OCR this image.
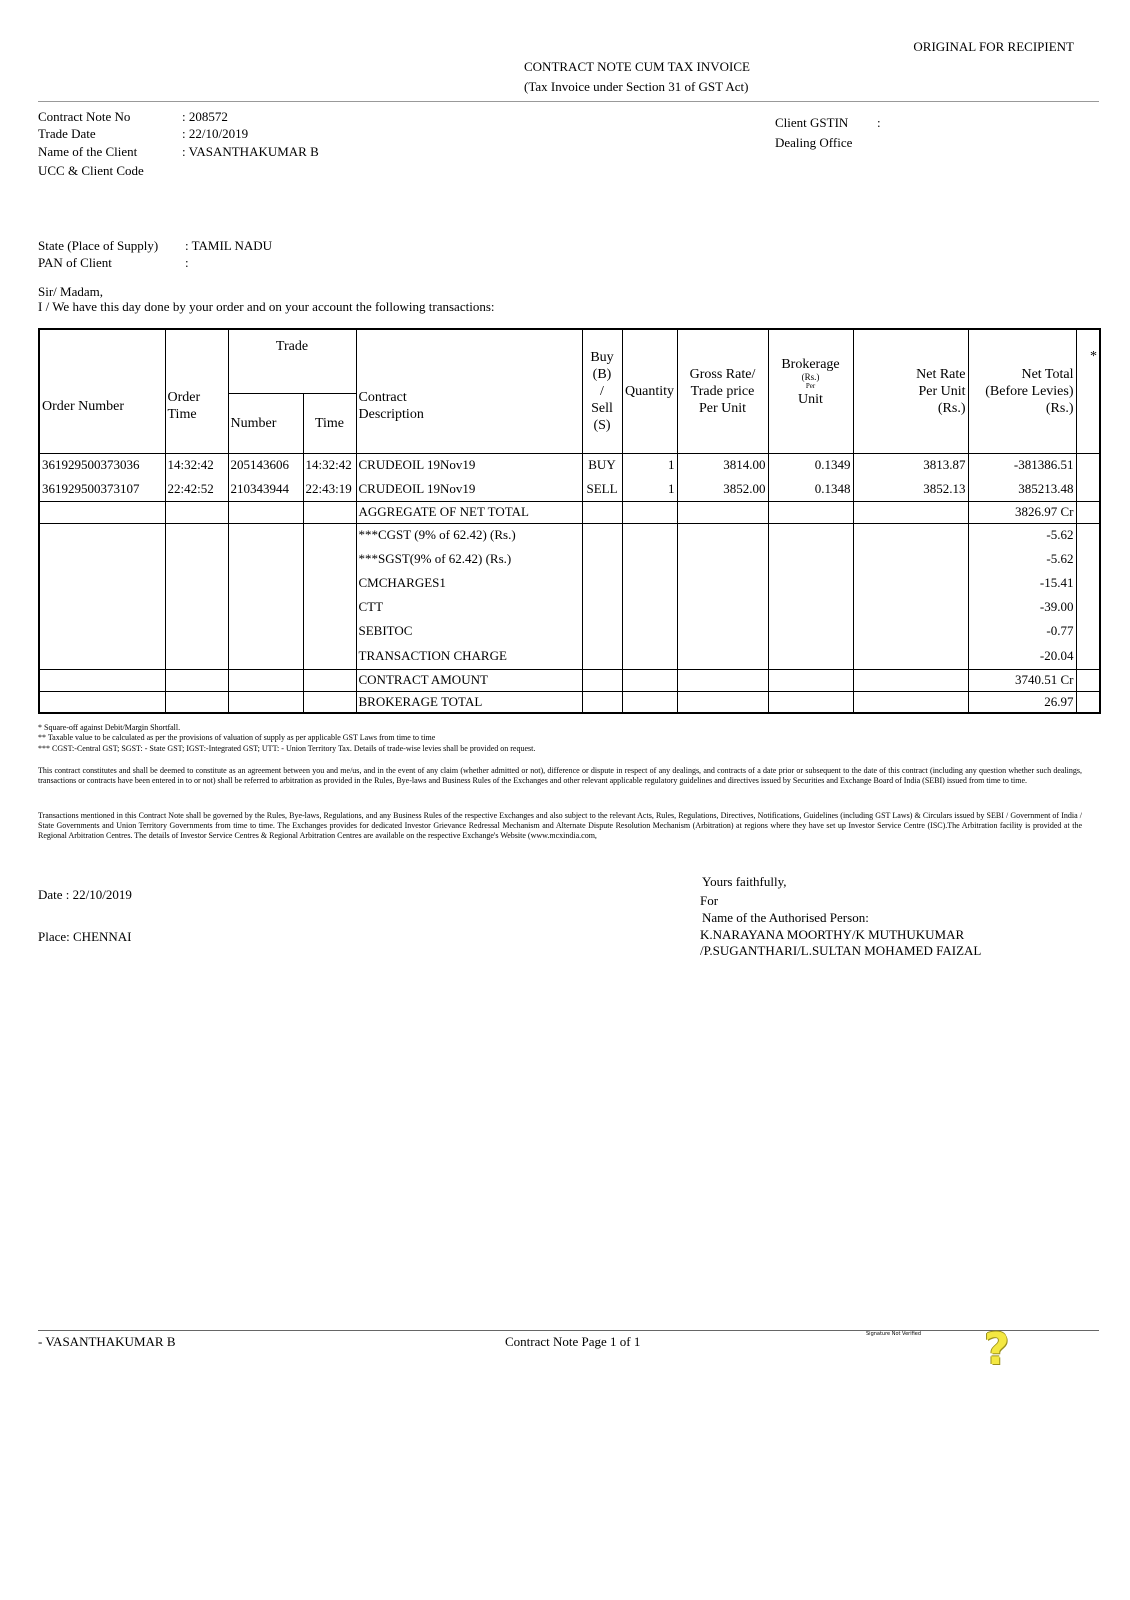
ORIGINAL FOR RECIPIENT
CONTRACT NOTE CUM TAX INVOICE
(Tax Invoice under Section 31 of GST Act)
Contract Note No	: 208572
Trade Date	: 22/10/2019
Name of the Client	: VASANTHAKUMAR B
UCC & Client Code
Client GSTIN :
Dealing Office
State (Place of Supply) : TAMIL NADU
PAN of Client	:
Sir/ Madam,
I / We have this day done by your order and on your account the following transactions:
Order Number	Order Time	Trade		Contract Description	Buy
(B)
/
Sell
(S)	Quantity	Gross Rate/
Trade price
Per Unit	Brokerage
(Rs.)
Per
Unit	Net Rate
Per Unit
(Rs.)	Net Total
(Before Levies)
(Rs.)	*
		Number	Time								
361929500373036	14:32:42	205143606	14:32:42	CRUDEOIL 19Nov19	BUY	1	3814.00	0.1349	3813.87	-381386.51	
361929500373107	22:42:52	210343944	22:43:19	CRUDEOIL 19Nov19	SELL	1	3852.00	0.1348	3852.13	385213.48	
				AGGREGATE OF NET TOTAL						3826.97 Cr	
				***CGST (9% of 62.42) (Rs.)						-5.62	
				***SGST(9% of 62.42) (Rs.)						-5.62	
				CMCHARGES1						-15.41	
				CTT						-39.00	
				SEBITOC						-0.77	
				TRANSACTION CHARGE						-20.04	
				CONTRACT AMOUNT						3740.51 Cr	
				BROKERAGE TOTAL						26.97	
* Square-off against Debit/Margin Shortfall.
** Taxable value to be calculated as per the provisions of valuation of supply as per applicable GST Laws from time to time
*** CGST:-Central GST; SGST: - State GST; IGST:-Integrated GST; UTT: - Union Territory Tax. Details of trade-wise levies shall be provided on request.
This contract constitutes and shall be deemed to constitute as an agreement between you and me/us, and in the event of any claim (whether admitted or not), difference or dispute in respect of any dealings, and contracts of a date prior or subsequent to the date of this contract (including any question whether such dealings, transactions or contracts have been entered in to or not) shall be referred to arbitration as provided in the Rules, Bye-laws and Business Rules of the Exchanges and other relevant applicable regulatory guidelines and directives issued by Securities and Exchange Board of India (SEBI) issued from time to time.
Transactions mentioned in this Contract Note shall be governed by the Rules, Bye-laws, Regulations, and any Business Rules of the respective Exchanges and also subject to the relevant Acts, Rules, Regulations, Directives, Notifications, Guidelines (including GST Laws) & Circulars issued by SEBI / Government of India / State Governments and Union Territory Governments from time to time. The Exchanges provides for dedicated Investor Grievance Redressal Mechanism and Alternate Dispute Resolution Mechanism (Arbitration) at regions where they have set up Investor Service Centre (ISC).The Arbitration facility is provided at the Regional Arbitration Centres. The details of Investor Service Centres & Regional Arbitration Centres are available on the respective Exchange's Website (www.mcxindia.com,
Date : 22/10/2019
Place: CHENNAI
Yours faithfully,
For
Name of the Authorised Person:
K.NARAYANA MOORTHY/K MUTHUKUMAR
/P.SUGANTHARI/L.SULTAN MOHAMED FAIZAL
- VASANTHAKUMAR B	Contract Note Page 1 of 1	Signature Not Verified ?
